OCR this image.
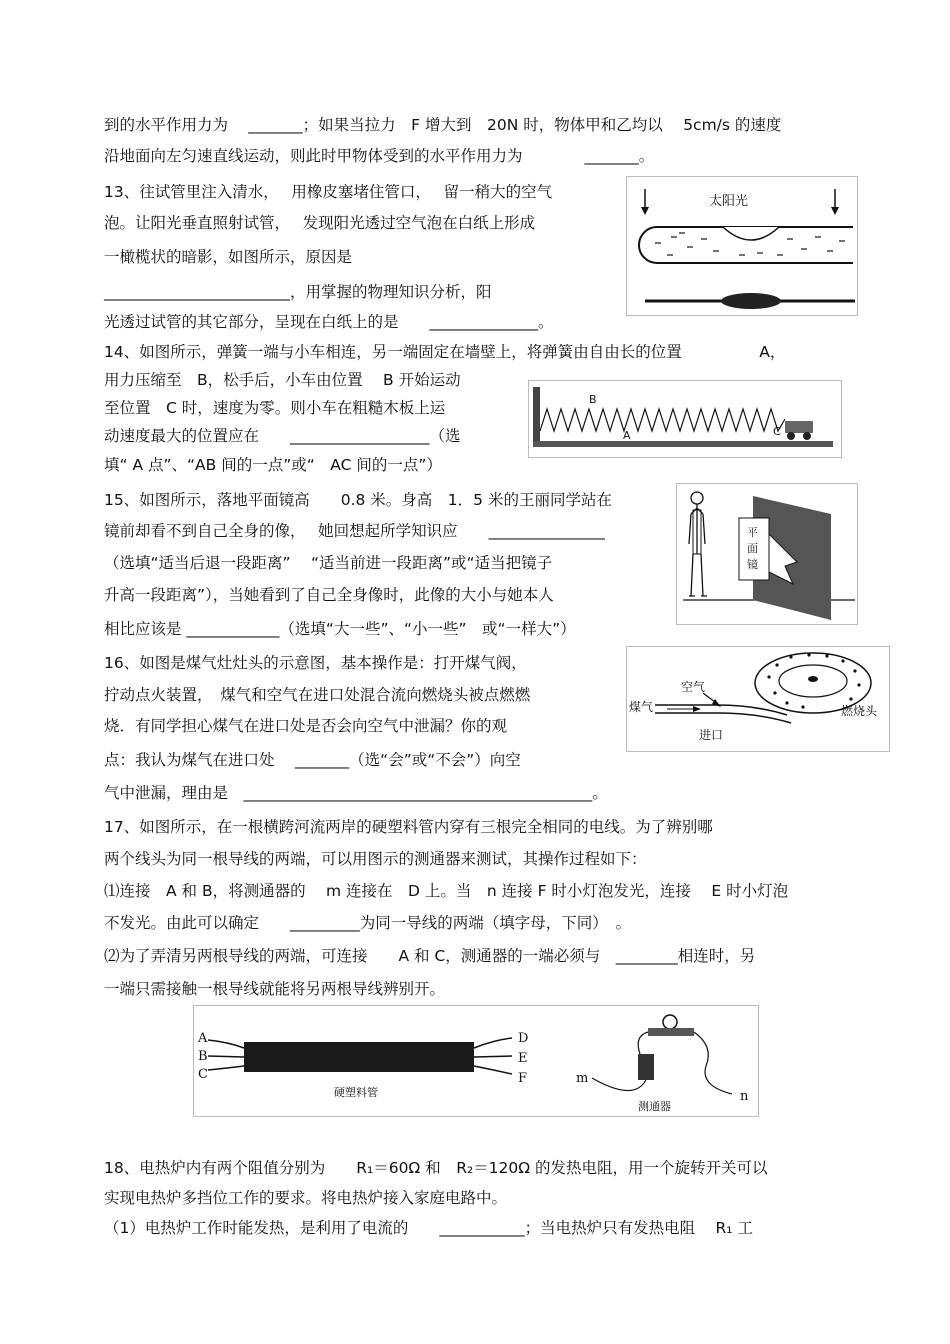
到的水平作用力为　 _______；如果当拉力　F 增大到　20N 时，物体甲和乙均以　 5cm/s 的速度
沿地面向左匀速直线运动，则此时甲物体受到的水平作用力为　　　　_______。
13、往试管里注入清水，　 用橡皮塞堵住管口，　 留一稍大的空气
泡。让阳光垂直照射试管，　 发现阳光透过空气泡在白纸上形成
一橄榄状的暗影，如图所示，原因是
________________________，用掌握的物理知识分析，阳
光透过试管的其它部分，呈现在白纸上的是　　______________。
14、如图所示，弹簧一端与小车相连，另一端固定在墙壁上，将弹簧由自由长的位置　　　　　A，
用力压缩至　B，松手后，小车由位置　 B 开始运动
至位置　C 时，速度为零。则小车在粗糙木板上运
动速度最大的位置应在　　__________________（选
填“ A 点”、“AB 间的一点”或“　AC 间的一点”）
15、如图所示，落地平面镜高　　0.8 米。身高　1．5 米的王丽同学站在
镜前却看不到自己全身的像，　 她回想起所学知识应　　_______________
（选填“适当后退一段距离”　 “适当前进一段距离”或“适当把镜子
升高一段距离”），当她看到了自己全身像时，此像的大小与她本人
相比应该是 ____________（选填“大一些”、“小一些”　或“一样大”）
16、如图是煤气灶灶头的示意图，基本操作是：打开煤气阀，
拧动点火装置，　煤气和空气在进口处混合流向燃烧头被点燃燃
烧．有同学担心煤气在进口处是否会向空气中泄漏？你的观
点：我认为煤气在进口处　 _______（选“会”或“不会”）向空
气中泄漏，理由是　_____________________________________________。
17、如图所示，在一根横跨河流两岸的硬塑料管内穿有三根完全相同的电线。为了辨别哪
两个线头为同一根导线的两端，可以用图示的测通器来测试，其操作过程如下：
⑴连接　A 和 B，将测通器的　 m 连接在　D 上。当　n 连接 F 时小灯泡发光，连接　 E 时小灯泡
不发光。由此可以确定　　_________为同一导线的两端（填字母，下同）　。
⑵为了弄清另两根导线的两端，可连接　　A 和 C，测通器的一端必须与　________相连时，另
一端只需接触一根导线就能将另两根导线辨别开。
18、电热炉内有两个阻值分别为　　R₁＝60Ω 和　R₂＝120Ω 的发热电阻，用一个旋转开关可以
实现电热炉多挡位工作的要求。将电热炉接入家庭电路中。
（1）电热炉工作时能发热，是利用了电流的　　___________；当电热炉只有发热电阻　 R₁ 工
太阳光
B
A	C
平面镜
煤气
空气
进口
燃烧头
A
B
C
D
E
F
硬塑料管
m
n
测通器
